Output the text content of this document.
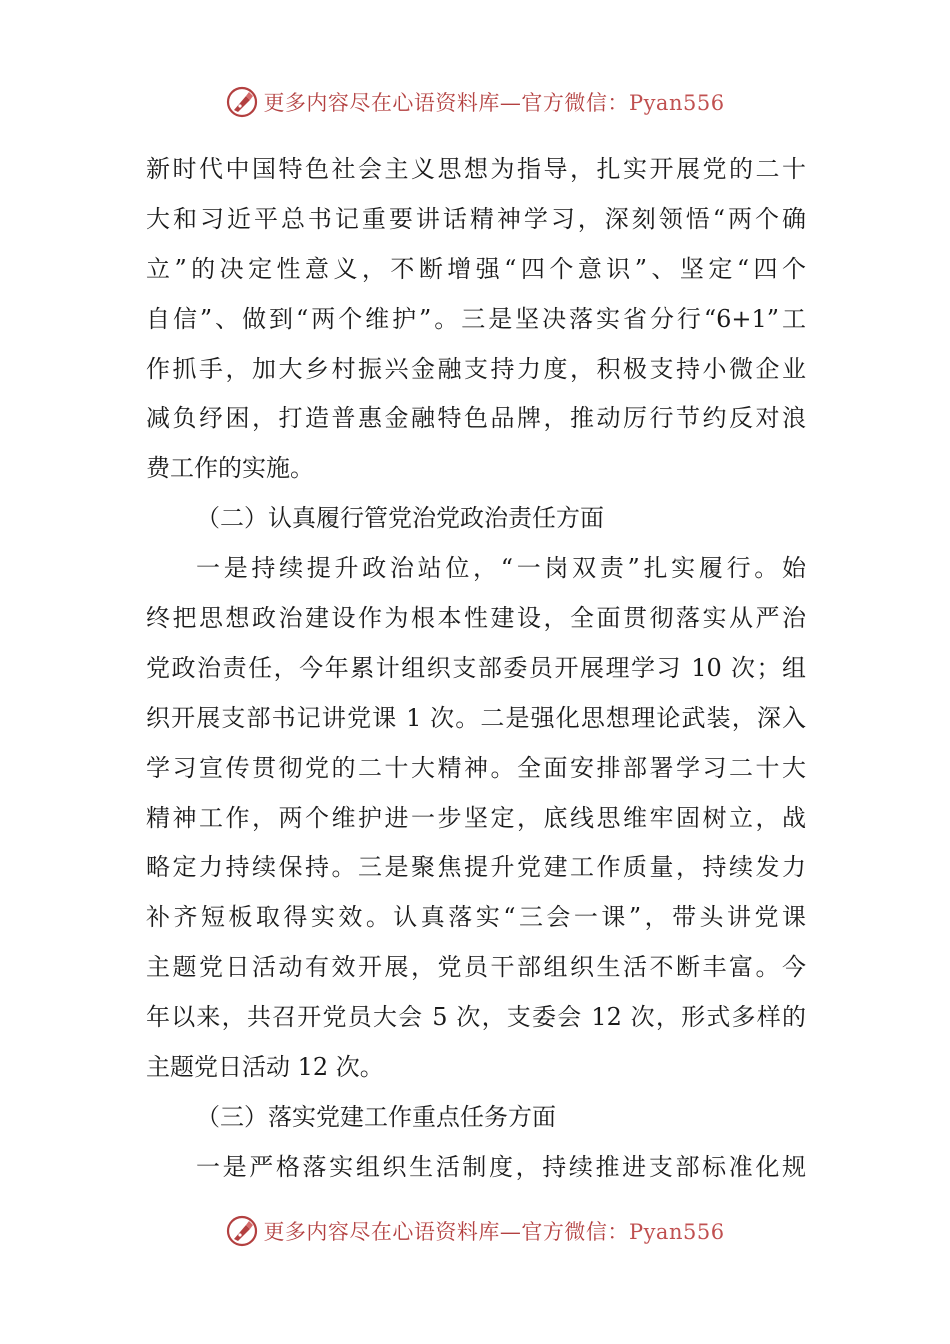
更多内容尽在心语资料库—官方微信：Pyan556
新时代中国特色社会主义思想为指导，扎实开展党的二十
大和习近平总书记重要讲话精神学习，深刻领悟“两个确
立”的决定性意义，不断增强“四个意识”、坚定“四个
自信”、做到“两个维护”。三是坚决落实省分行“6+1”工
作抓手，加大乡村振兴金融支持力度，积极支持小微企业
减负纾困，打造普惠金融特色品牌，推动厉行节约反对浪
费工作的实施。
（二）认真履行管党治党政治责任方面
一是持续提升政治站位，“一岗双责”扎实履行。始
终把思想政治建设作为根本性建设，全面贯彻落实从严治
党政治责任，今年累计组织支部委员开展理学习 10 次；组
织开展支部书记讲党课 1 次。二是强化思想理论武装，深入
学习宣传贯彻党的二十大精神。全面安排部署学习二十大
精神工作，两个维护进一步坚定，底线思维牢固树立，战
略定力持续保持。三是聚焦提升党建工作质量，持续发力
补齐短板取得实效。认真落实“三会一课”，带头讲党课
主题党日活动有效开展，党员干部组织生活不断丰富。今
年以来，共召开党员大会 5 次，支委会 12 次，形式多样的
主题党日活动 12 次。
（三）落实党建工作重点任务方面
一是严格落实组织生活制度，持续推进支部标准化规
更多内容尽在心语资料库—官方微信：Pyan556
